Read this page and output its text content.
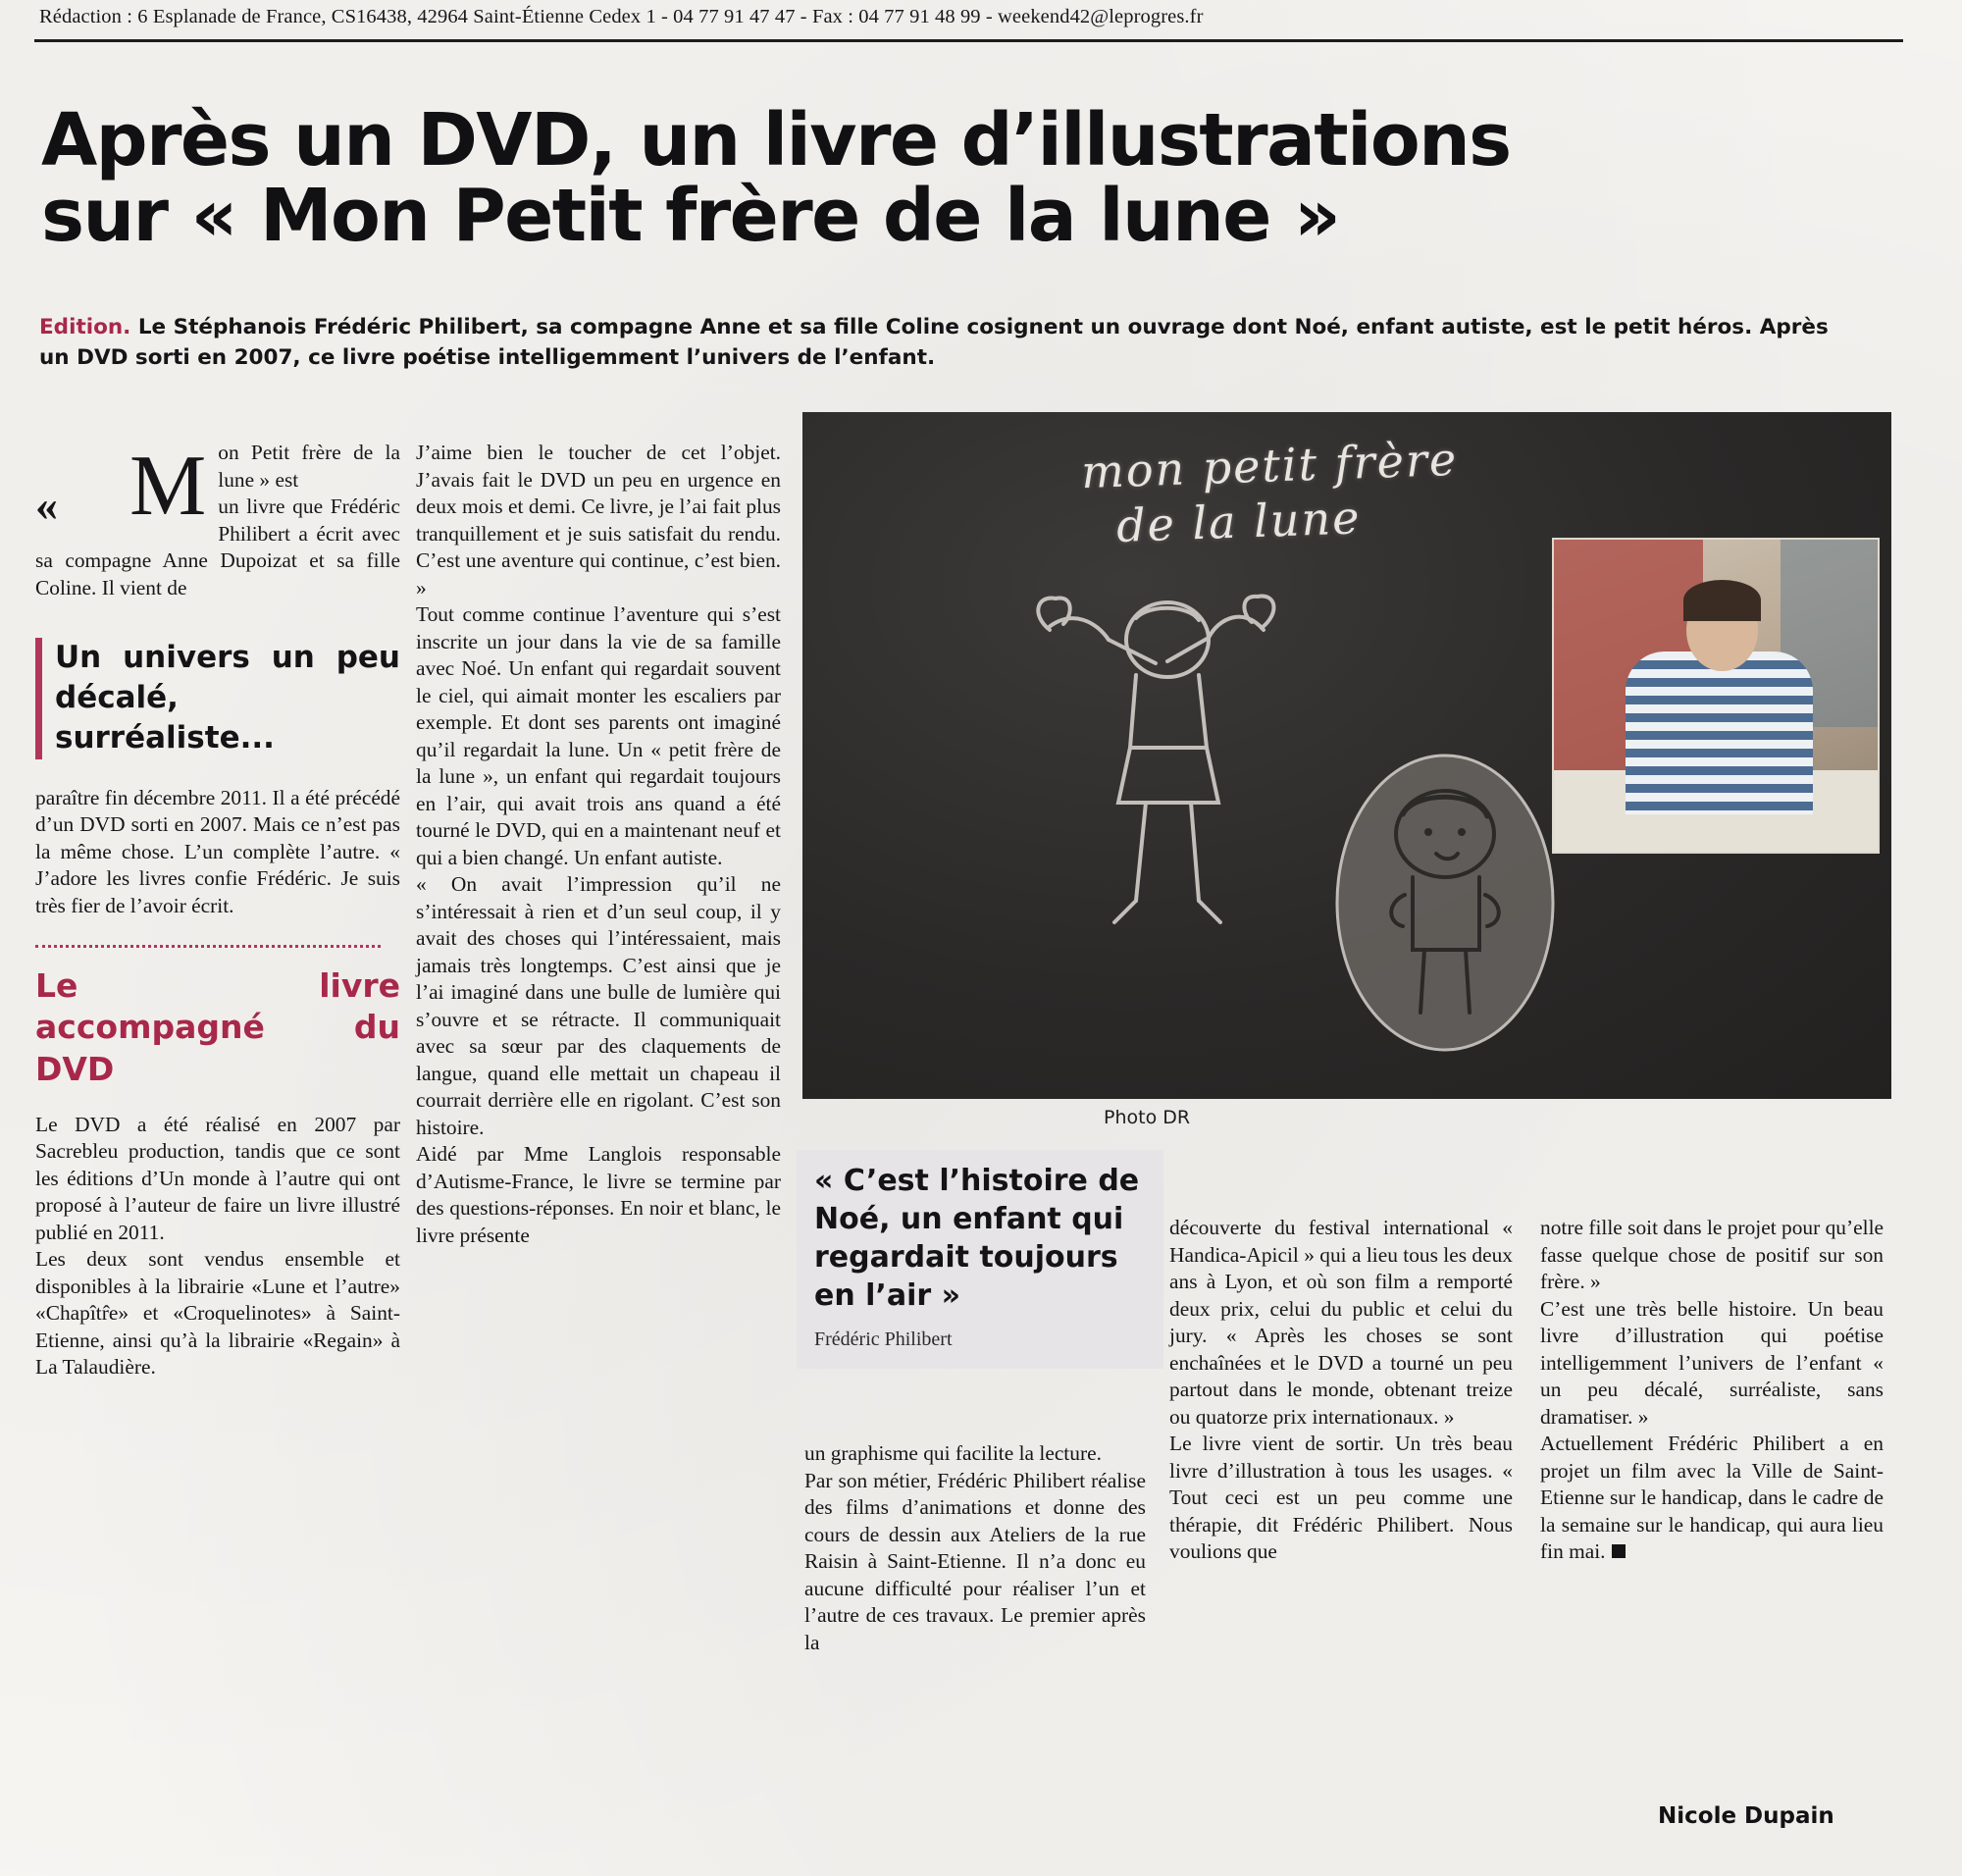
Rédaction : 6 Esplanade de France, CS16438, 42964 Saint-Étienne Cedex 1 - 04 77 91 47 47 - Fax : 04 77 91 48 99 - weekend42@leprogres.fr
Après un DVD, un livre d’illustrations
sur « Mon Petit frère de la lune »
Edition. Le Stéphanois Frédéric Philibert, sa compagne Anne et sa fille Coline cosignent un ouvrage dont Noé, enfant autiste, est le petit héros. Après un DVD sorti en 2007, ce livre poétise intelligemment l’univers de l’enfant.
« M on Petit frère de la lune » est

un livre que Frédéric Philibert a écrit avec sa compagne Anne Dupoizat et sa fille Coline. Il vient de

Un univers un peu décalé, surréaliste...

paraître fin décembre 2011. Il a été précédé d’un DVD sorti en 2007. Mais ce n’est pas la même chose. L’un complète l’autre. « J’adore les livres confie Frédéric. Je suis très fier de l’avoir écrit.

Le livre accompagné du DVD

Le DVD a été réalisé en 2007 par Sacrebleu production, tandis que ce sont les éditions d’Un monde à l’autre qui ont proposé à l’auteur de faire un livre illustré publié en 2011.

Les deux sont vendus ensemble et disponibles à la librairie «Lune et l’autre» «Chapîtr̂e» et «Croquelinotes» à Saint-Etienne, ainsi qu’à la librairie «Regain» à La Talaudière.

J’aime bien le toucher de cet l’objet. J’avais fait le DVD un peu en urgence en deux mois et demi. Ce livre, je l’ai fait plus tranquillement et je suis satisfait du rendu. C’est une aventure qui continue, c’est bien. »

Tout comme continue l’aventure qui s’est inscrite un jour dans la vie de sa famille avec Noé. Un enfant qui regardait souvent le ciel, qui aimait monter les escaliers par exemple. Et dont ses parents ont imaginé qu’il regardait la lune. Un « petit frère de la lune », un enfant qui regardait toujours en l’air, qui avait trois ans quand a été tourné le DVD, qui en a maintenant neuf et qui a bien changé. Un enfant autiste.

« On avait l’impression qu’il ne s’intéressait à rien et d’un seul coup, il y avait des choses qui l’intéressaient, mais jamais très longtemps. C’est ainsi que je l’ai imaginé dans une bulle de lumière qui s’ouvre et se rétracte. Il communiquait avec sa sœur par des claquements de langue, quand elle mettait un chapeau il courrait derrière elle en rigolant. C’est son histoire.

Aidé par Mme Langlois responsable d’Autisme-France, le livre se termine par des questions-réponses. En noir et blanc, le livre présente

mon petit frère
de la lune
Photo DR
« C’est l’histoire de Noé, un enfant qui regardait toujours en l’air »
Frédéric Philibert

un graphisme qui facilite la lecture.

Par son métier, Frédéric Philibert réalise des films d’animations et donne des cours de dessin aux Ateliers de la rue Raisin à Saint-Etienne. Il n’a donc eu aucune difficulté pour réaliser l’un et l’autre de ces travaux. Le premier après la

découverte du festival international « Handica-Apicil » qui a lieu tous les deux ans à Lyon, et où son film a remporté deux prix, celui du public et celui du jury. « Après les choses se sont enchaînées et le DVD a tourné un peu partout dans le monde, obtenant treize ou quatorze prix internationaux. »

Le livre vient de sortir. Un très beau livre d’illustration à tous les usages. « Tout ceci est un peu comme une thérapie, dit Frédéric Philibert. Nous voulions que

notre fille soit dans le projet pour qu’elle fasse quelque chose de positif sur son frère. »

C’est une très belle histoire. Un beau livre d’illustration qui poétise intelligemment l’univers de l’enfant « un peu décalé, surréaliste, sans dramatiser. »

Actuellement Frédéric Philibert a en projet un film avec la Ville de Saint-Etienne sur le handicap, dans le cadre de la semaine sur le handicap, qui aura lieu fin mai.

Nicole Dupain
